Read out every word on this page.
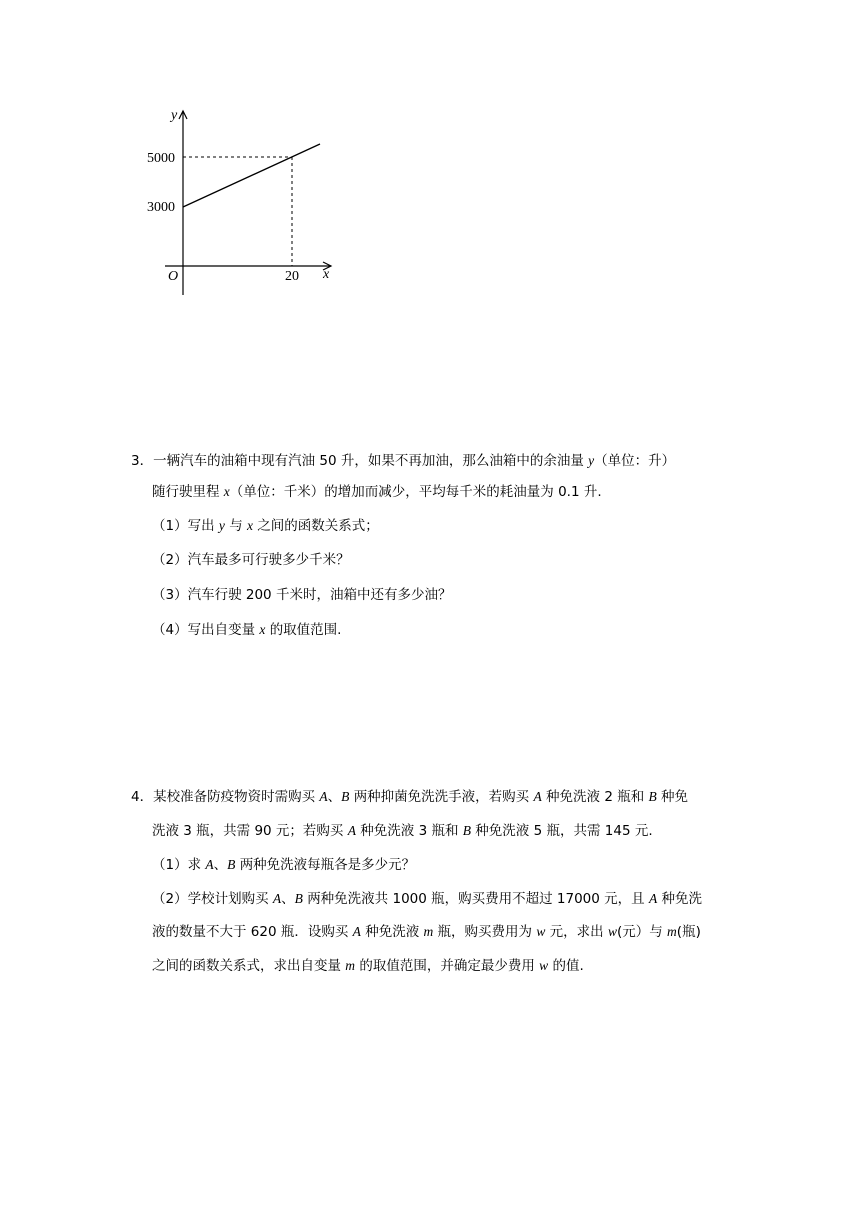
y
5000
3000
O	20 x
3．一辆汽车的油箱中现有汽油 50 升，如果不再加油，那么油箱中的余油量 y（单位：升）
随行驶里程 x（单位：千米）的增加而减少，平均每千米的耗油量为 0.1 升.
（1）写出 y 与 x 之间的函数关系式；
（2）汽车最多可行驶多少千米？
（3）汽车行驶 200 千米时，油箱中还有多少油？
（4）写出自变量 x 的取值范围.
4．某校准备防疫物资时需购买 A、B 两种抑菌免洗洗手液，若购买 A 种免洗液 2 瓶和 B 种免
洗液 3 瓶，共需 90 元；若购买 A 种免洗液 3 瓶和 B 种免洗液 5 瓶，共需 145 元.
（1）求 A、B 两种免洗液每瓶各是多少元？
（2）学校计划购买 A、B 两种免洗液共 1000 瓶，购买费用不超过 17000 元，且 A 种免洗
液的数量不大于 620 瓶．设购买 A 种免洗液 m 瓶，购买费用为 w 元，求出 w(元）与 m(瓶)
之间的函数关系式，求出自变量 m 的取值范围，并确定最少费用 w 的值.
